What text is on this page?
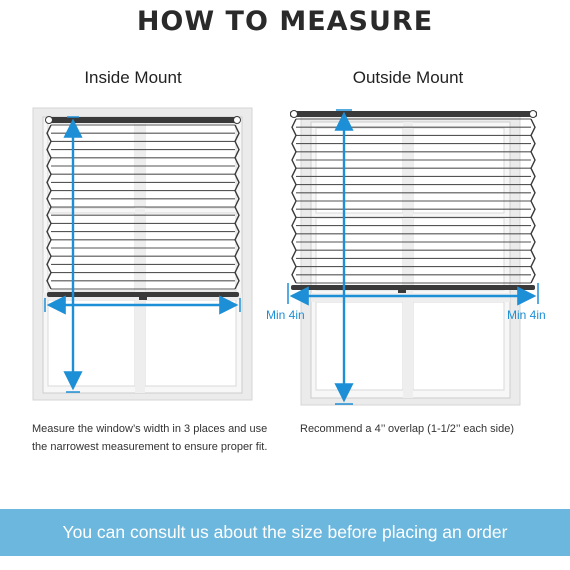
HOW TO MEASURE
Inside Mount	Outside Mount
Min 4in	Min 4in
Measure the window’s width in 3 places and use the narrowest measurement to ensure proper fit.
Recommend a 4’’ overlap (1-1/2’’ each side)
You can consult us about the size before placing an order
